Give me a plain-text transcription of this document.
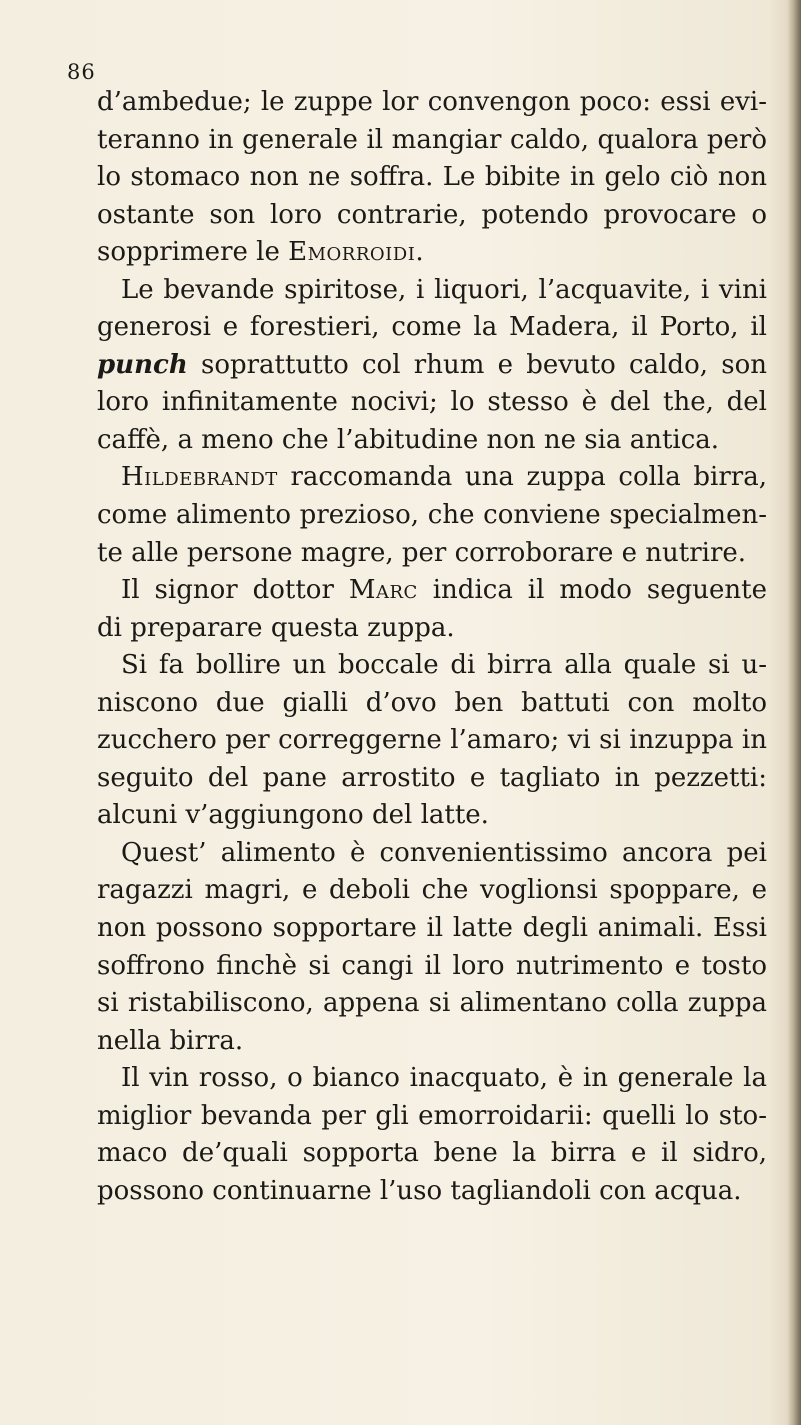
86
d’ambedue; le zuppe lor convengon poco: essi evi-
teranno in generale il mangiar caldo, qualora però
lo stomaco non ne soffra. Le bibite in gelo ciò non
ostante son loro contrarie, potendo provocare o
sopprimere le Emorroidi.
Le bevande spiritose, i liquori, l’acquavite, i vini
generosi e forestieri, come la Madera, il Porto, il
punch soprattutto col rhum e bevuto caldo, son
loro infinitamente nocivi; lo stesso è del the, del
caffè, a meno che l’abitudine non ne sia antica.
Hildebrandt raccomanda una zuppa colla birra,
come alimento prezioso, che conviene specialmen-
te alle persone magre, per corroborare e nutrire.
Il signor dottor Marc indica il modo seguente
di preparare questa zuppa.
Si fa bollire un boccale di birra alla quale si u-
niscono due gialli d’ovo ben battuti con molto
zucchero per correggerne l’amaro; vi si inzuppa in
seguito del pane arrostito e tagliato in pezzetti:
alcuni v’aggiungono del latte.
Quest’ alimento è convenientissimo ancora pei
ragazzi magri, e deboli che voglionsi spoppare, e
non possono sopportare il latte degli animali. Essi
soffrono finchè si cangi il loro nutrimento e tosto
si ristabiliscono, appena si alimentano colla zuppa
nella birra.
Il vin rosso, o bianco inacquato, è in generale la
miglior bevanda per gli emorroidarii: quelli lo sto-
maco de’quali sopporta bene la birra e il sidro,
possono continuarne l’uso tagliandoli con acqua.
